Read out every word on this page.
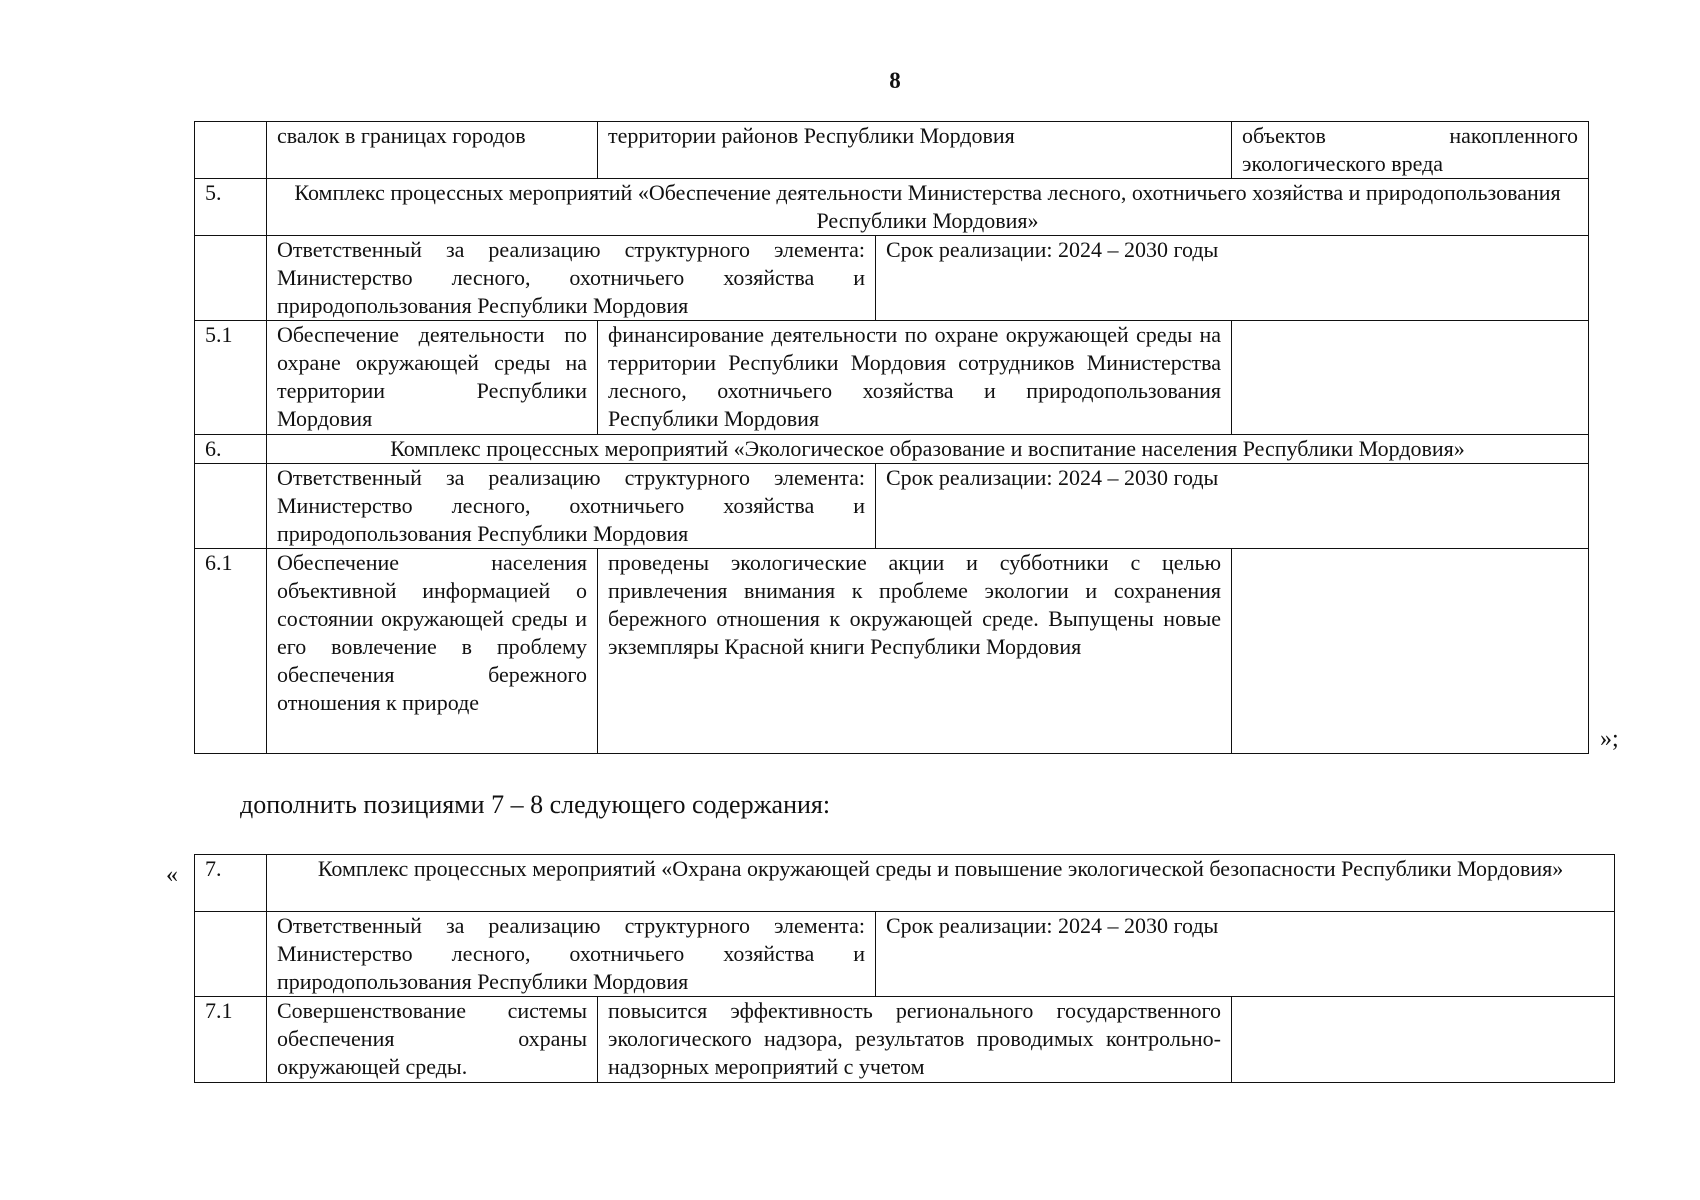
8
	свалок в границах городов	территории районов Республики Мордовия		объектов накопленного экологического вреда
5.	Комплекс процессных мероприятий «Обеспечение деятельности Министерства лесного, охотничьего хозяйства и природопользования Республики Мордовия»			
	Ответственный за реализацию структурного элемента: Министерство лесного, охотничьего хозяйства и природопользования Республики Мордовия		Срок реализации: 2024 – 2030 годы	
5.1	Обеспечение деятельности по охране окружающей среды на территории Республики Мордовия	финансирование деятельности по охране окружающей среды на территории Республики Мордовия сотрудников Министерства лесного, охотничьего хозяйства и природопользования Республики Мордовия		
6.	Комплекс процессных мероприятий «Экологическое образование и воспитание населения Республики Мордовия»			
	Ответственный за реализацию структурного элемента: Министерство лесного, охотничьего хозяйства и природопользования Республики Мордовия		Срок реализации: 2024 – 2030 годы	
6.1	Обеспечение населения объективной информацией о состоянии окружающей среды и его вовлечение в проблему обеспечения бережного отношения к природе	проведены экологические акции и субботники с целью привлечения внимания к проблеме экологии и сохранения бережного отношения к окружающей среде. Выпущены новые экземпляры Красной книги Республики Мордовия		
»;
дополнить позициями 7 – 8 следующего содержания:
« 7.	Комплекс процессных мероприятий «Охрана окружающей среды и повышение экологической безопасности Республики Мордовия»			
	Ответственный за реализацию структурного элемента: Министерство лесного, охотничьего хозяйства и природопользования Республики Мордовия		Срок реализации: 2024 – 2030 годы	
7.1	Совершенствование системы обеспечения охраны окружающей среды.	повысится эффективность регионального государственного экологического надзора, результатов проводимых контрольно-надзорных мероприятий с учетом		
